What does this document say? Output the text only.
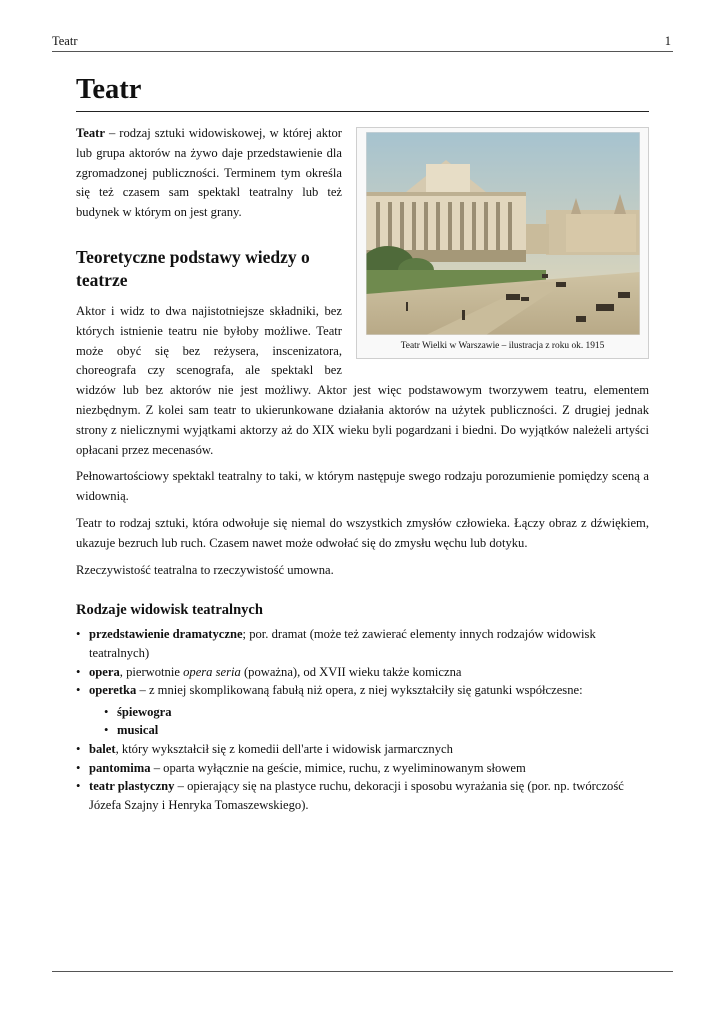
Teatr	1
Teatr
Teatr Wielki w Warszawie – ilustracja z roku ok. 1915

Teatr – rodzaj sztuki widowiskowej, w której aktor lub grupa aktorów na żywo daje przedstawienie dla zgromadzonej publiczności. Terminem tym określa się też czasem sam spektakl teatralny lub też budynek w którym on jest grany.

Teoretyczne podstawy wiedzy o teatrze

Aktor i widz to dwa najistotniejsze składniki, bez których istnienie teatru nie byłoby możliwe. Teatr może obyć się bez reżysera, inscenizatora, choreografa czy scenografa, ale spektakl bez widzów lub bez aktorów nie jest możliwy. Aktor jest więc podstawowym tworzywem teatru, elementem niezbędnym. Z kolei sam teatr to ukierunkowane działania aktorów na użytek publiczności. Z drugiej jednak strony z nielicznymi wyjątkami aktorzy aż do XIX wieku byli pogardzani i biedni. Do wyjątków należeli artyści opłacani przez mecenasów.

Pełnowartościowy spektakl teatralny to taki, w którym następuje swego rodzaju porozumienie pomiędzy sceną a widownią.

Teatr to rodzaj sztuki, która odwołuje się niemal do wszystkich zmysłów człowieka. Łączy obraz z dźwiękiem, ukazuje bezruch lub ruch. Czasem nawet może odwołać się do zmysłu węchu lub dotyku.

Rzeczywistość teatralna to rzeczywistość umowna.

Rodzaje widowisk teatralnych
• przedstawienie dramatyczne; por. dramat (może też zawierać elementy innych rodzajów widowisk teatralnych)
• opera, pierwotnie opera seria (poważna), od XVII wieku także komiczna
• operetka – z mniej skomplikowaną fabułą niż opera, z niej wykształciły się gatunki współczesne:
• śpiewogra
• musical
• balet, który wykształcił się z komedii dell'arte i widowisk jarmarcznych
• pantomima – oparta wyłącznie na geście, mimice, ruchu, z wyeliminowanym słowem
• teatr plastyczny – opierający się na plastyce ruchu, dekoracji i sposobu wyrażania się (por. np. twórczość Józefa Szajny i Henryka Tomaszewskiego).
